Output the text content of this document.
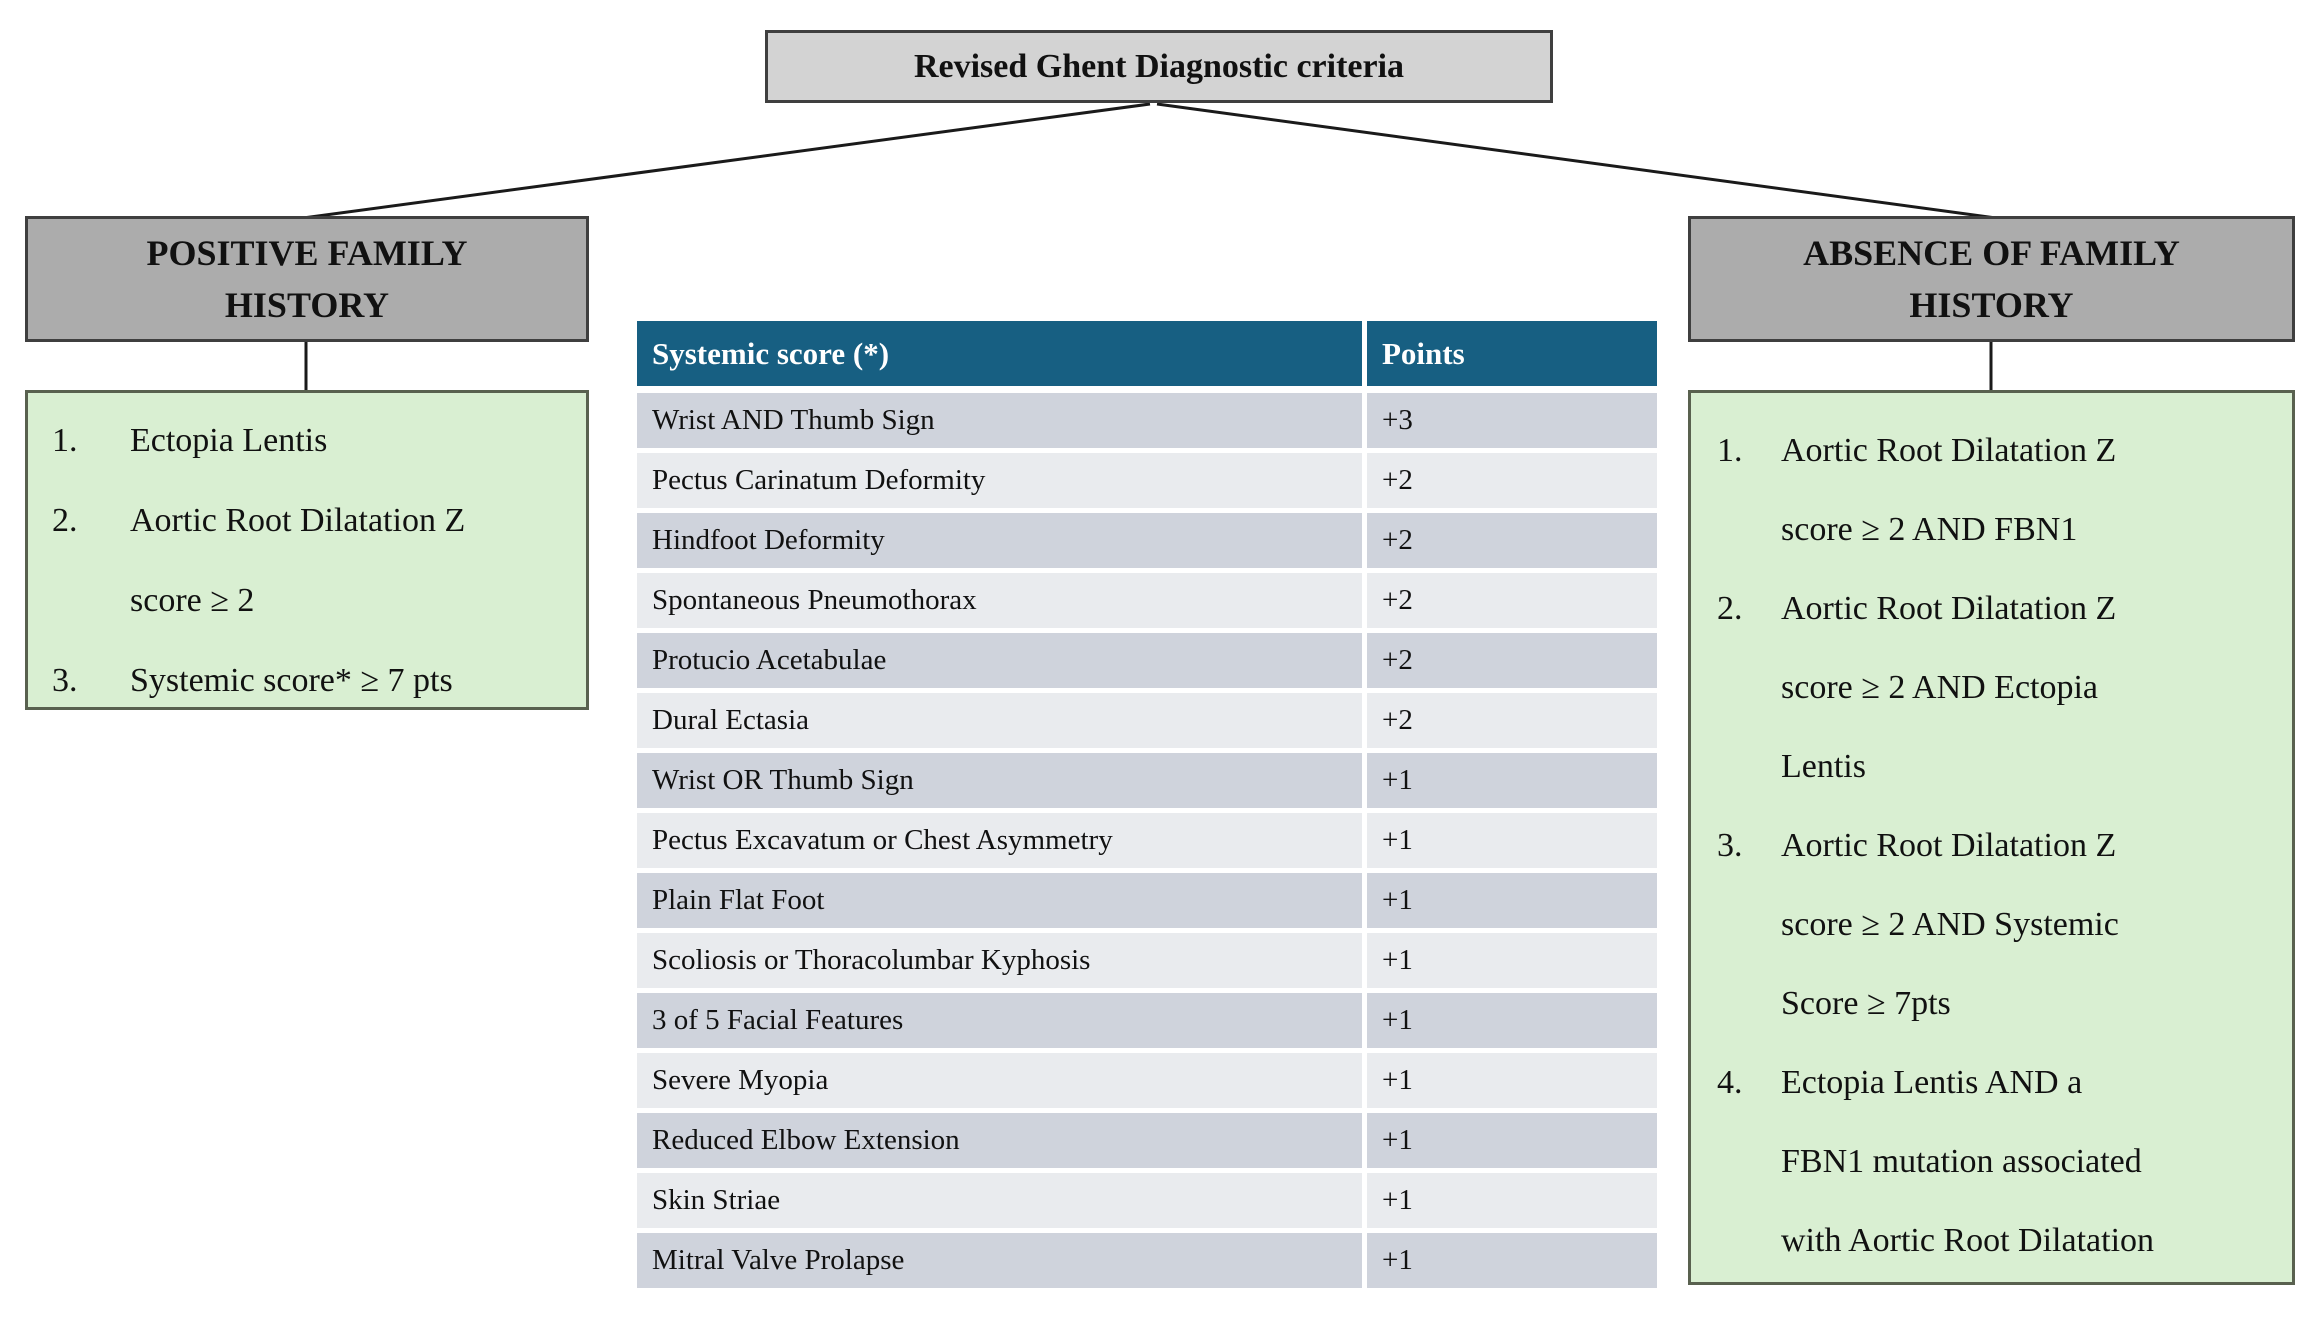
Revised Ghent Diagnostic criteria
POSITIVE FAMILY
HISTORY
ABSENCE OF FAMILY
HISTORY
1.	Ectopia Lentis
2.	Aortic Root Dilatation Z
score ≥ 2
3.	Systemic score* ≥ 7 pts
1.	Aortic Root Dilatation Z
score ≥ 2 AND FBN1
2.	Aortic Root Dilatation Z
score ≥ 2 AND Ectopia
Lentis
3.	Aortic Root Dilatation Z
score ≥ 2 AND Systemic
Score ≥ 7pts
4.	Ectopia Lentis AND a
FBN1 mutation associated
with Aortic Root Dilatation
Systemic score (*)	Points
Wrist AND Thumb Sign	+3
Pectus Carinatum Deformity	+2
Hindfoot Deformity	+2
Spontaneous Pneumothorax	+2
Protucio Acetabulae	+2
Dural Ectasia	+2
Wrist OR Thumb Sign	+1
Pectus Excavatum or Chest Asymmetry	+1
Plain Flat Foot	+1
Scoliosis or Thoracolumbar Kyphosis	+1
3 of 5 Facial Features	+1
Severe Myopia	+1
Reduced Elbow Extension	+1
Skin Striae	+1
Mitral Valve Prolapse	+1
